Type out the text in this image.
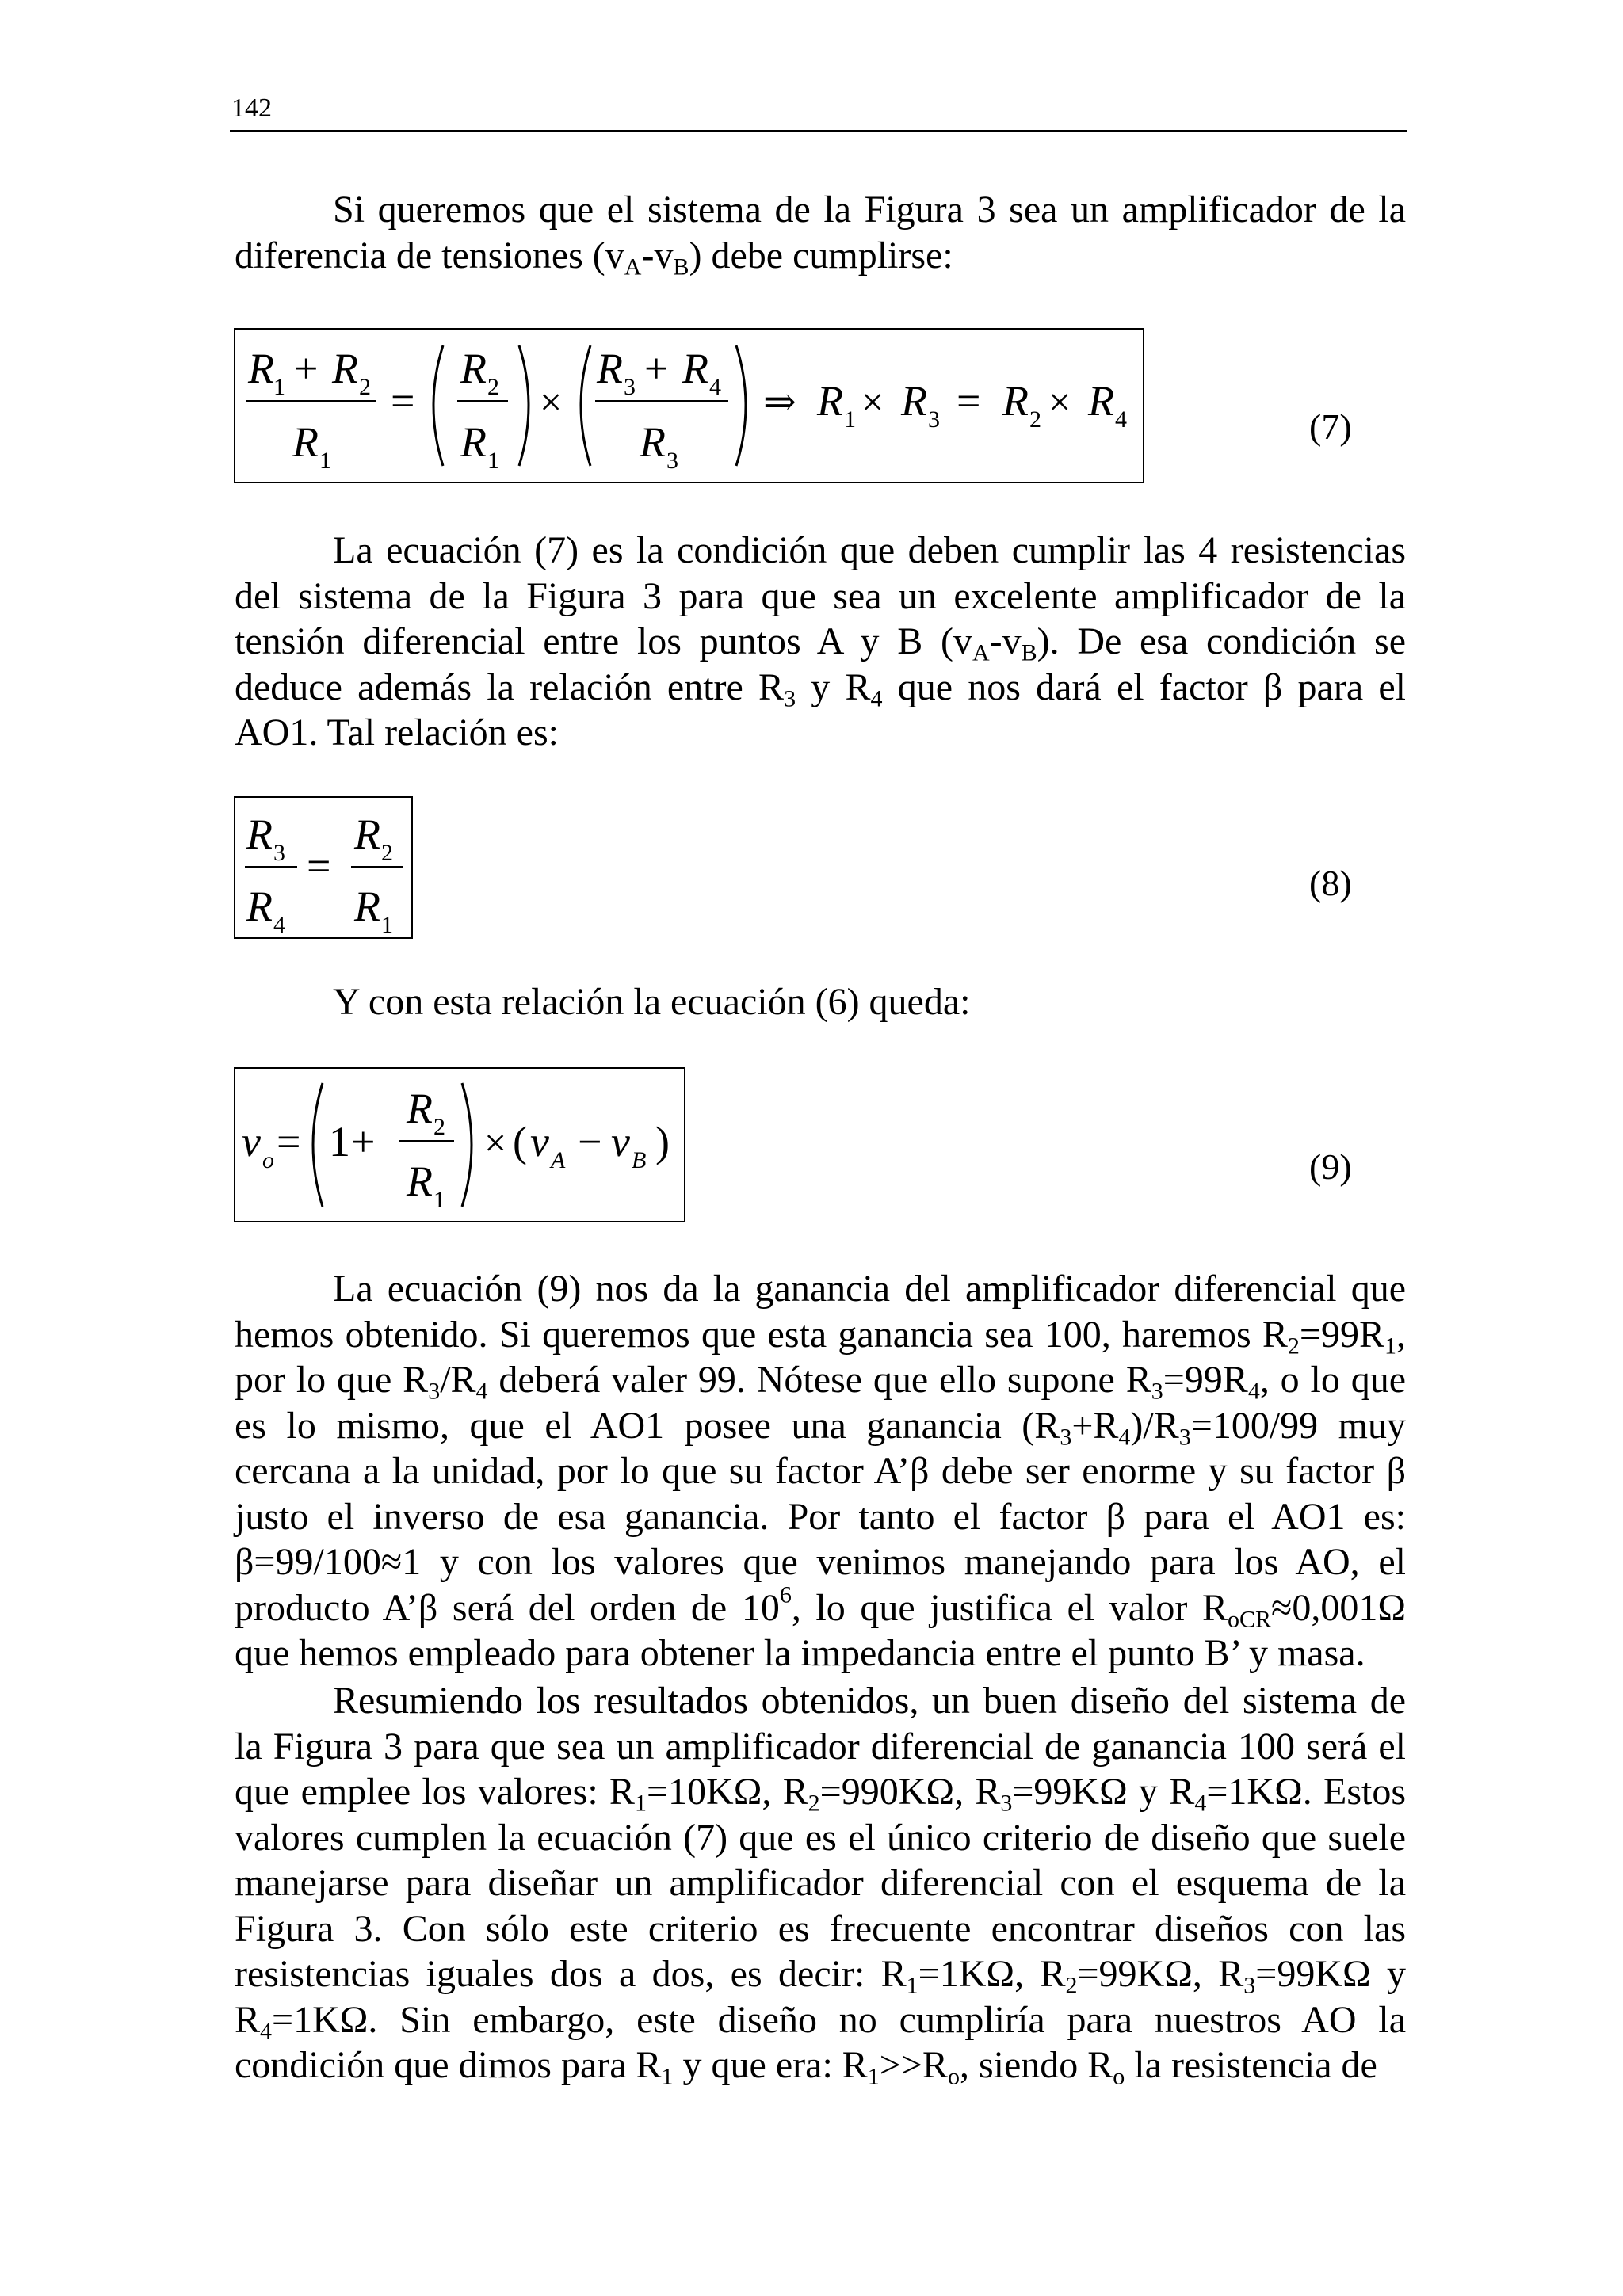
142

Si queremos que el sistema de la Figura 3 sea un amplificador de la diferencia de tensiones $(v_A-v_B)$ debe cumplirse:

R 1 + R 2
R 1
=
R 2
R 1
×
R 3 + R 4
R 3
⇒ R 1 × R 3 = R 2 × R 4	(7)

La ecuación (7) es la condición que deben cumplir las 4 resistencias del sistema de la Figura 3 para que sea un excelente amplificador de la tensión diferencial entre los puntos A y B $(v_A-v_B)$. De esa condición se deduce además la relación entre $R_3$ y $R_4$ que nos dará el factor β para el AO1. Tal relación es:

R 3
R 4
=
R 2
R 1
(8)

Y con esta relación la ecuación (6) queda:

v o = 1 +
R 2
R 1
× ( v A − v B )
(9)

La ecuación (9) nos da la ganancia del amplificador diferencial que hemos obtenido. Si queremos que esta ganancia sea 100, haremos $R_2=99R_1$, por lo que $R_3/R_4$ deberá valer 99. Nótese que ello supone $R_3=99R_4$, o lo que es lo mismo, que el AO1 posee una ganancia $(R_3+R_4)/R_3=100/99$ muy cercana a la unidad, por lo que su factor A’β debe ser enorme y su factor β justo el inverso de esa ganancia. Por tanto el factor β para el AO1 es: β=99/100≈1 y con los valores que venimos manejando para los AO, el producto A’β será del orden de $10^6$, lo que justifica el valor $R_{oCR}\approx 0,001\Omega$ que hemos empleado para obtener la impedancia entre el punto B’ y masa.

Resumiendo los resultados obtenidos, un buen diseño del sistema de la Figura 3 para que sea un amplificador diferencial de ganancia 100 será el que emplee los valores: $R_1=10K\Omega$, $R_2=990K\Omega$, $R_3=99K\Omega$ y $R_4=1K\Omega$. Estos valores cumplen la ecuación (7) que es el único criterio de diseño que suele manejarse para diseñar un amplificador diferencial con el esquema de la Figura 3. Con sólo este criterio es frecuente encontrar diseños con las resistencias iguales dos a dos, es decir: $R_1=1K\Omega$, $R_2=99K\Omega$, $R_3=99K\Omega$ y $R_4=1K\Omega$. Sin embargo, este diseño no cumpliría para nuestros AO la condición que dimos para $R_1$ y que era: $R_1>>R_o$, siendo $R_o$ la resistencia de
